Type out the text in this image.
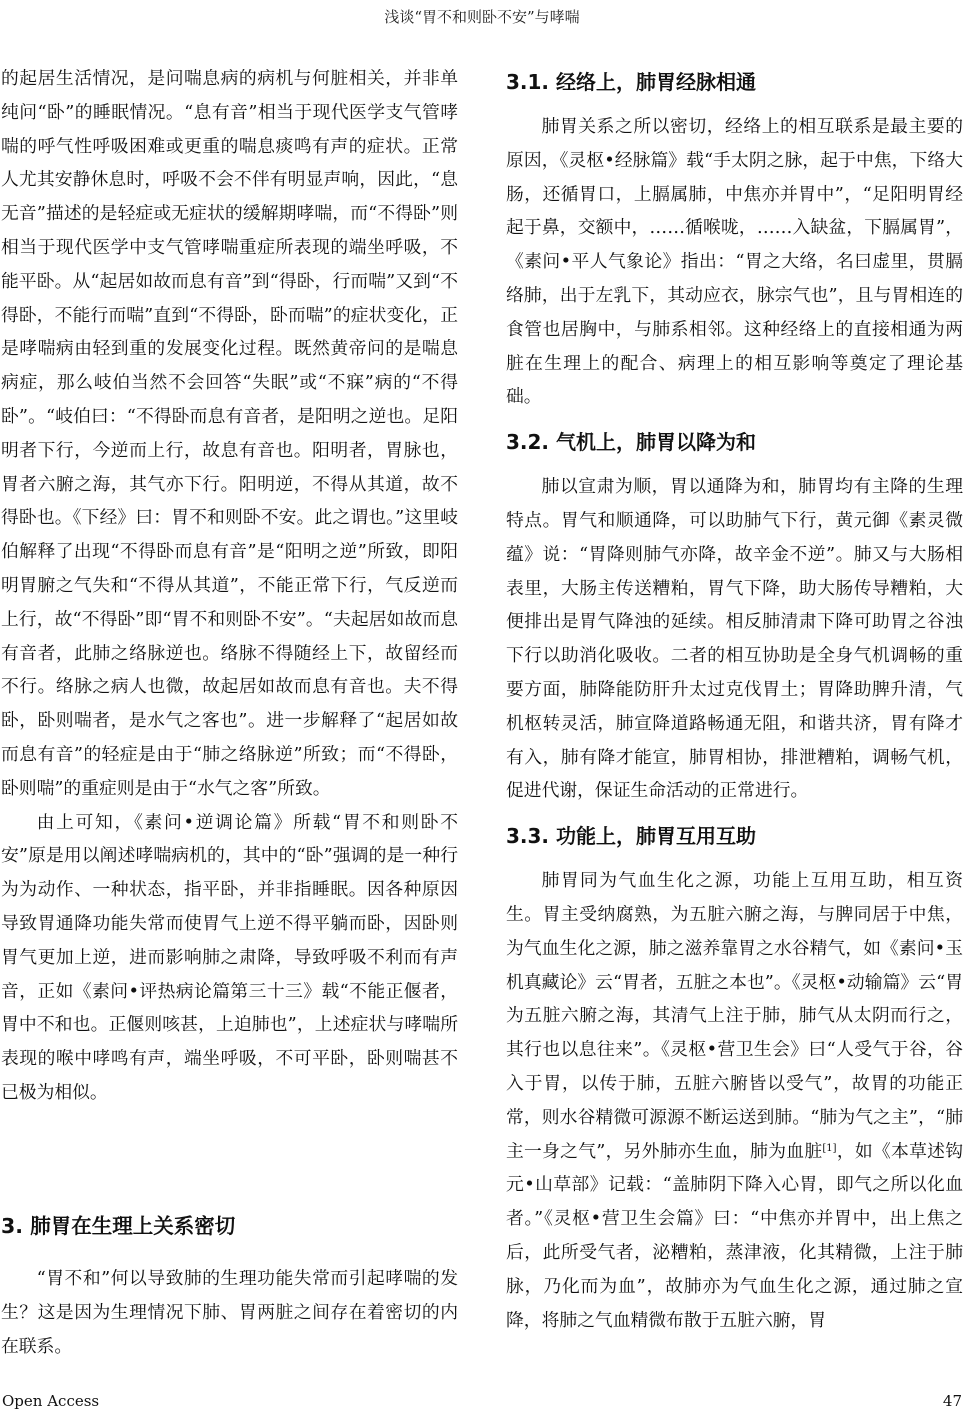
浅谈“胃不和则卧不安”与哮喘

的起居生活情况，是问喘息病的病机与何脏相关，并非单纯问“卧”的睡眠情况。“息有音”相当于现代医学支气管哮喘的呼气性呼吸困难或更重的喘息痰鸣有声的症状。正常人尤其安静休息时，呼吸不会不伴有明显声响，因此，“息无音”描述的是轻症或无症状的缓解期哮喘，而“不得卧”则相当于现代医学中支气管哮喘重症所表现的端坐呼吸，不能平卧。从“起居如故而息有音”到“得卧，行而喘”又到“不得卧，不能行而喘”直到“不得卧，卧而喘”的症状变化，正是哮喘病由轻到重的发展变化过程。既然黄帝问的是喘息病症，那么岐伯当然不会回答“失眠”或“不寐”病的“不得卧”。“岐伯曰：“不得卧而息有音者，是阳明之逆也。足阳明者下行，今逆而上行，故息有音也。阳明者，胃脉也，胃者六腑之海，其气亦下行。阳明逆，不得从其道，故不得卧也。《下经》曰：胃不和则卧不安。此之谓也。”这里岐伯解释了出现“不得卧而息有音”是“阳明之逆”所致，即阳明胃腑之气失和“不得从其道”，不能正常下行，气反逆而上行，故“不得卧”即“胃不和则卧不安”。“夫起居如故而息有音者，此肺之络脉逆也。络脉不得随经上下，故留经而不行。络脉之病人也微，故起居如故而息有音也。夫不得卧，卧则喘者，是水气之客也”。进一步解释了“起居如故而息有音”的轻症是由于“肺之络脉逆”所致；而“不得卧，卧则喘”的重症则是由于“水气之客”所致。

由上可知，《素问•逆调论篇》所载“胃不和则卧不安”原是用以阐述哮喘病机的，其中的“卧”强调的是一种行为为动作、一种状态，指平卧，并非指睡眠。因各种原因导致胃通降功能失常而使胃气上逆不得平躺而卧，因卧则胃气更加上逆，进而影响肺之肃降，导致呼吸不利而有声音，正如《素问•评热病论篇第三十三》载“不能正偃者，胃中不和也。正偃则咳甚，上迫肺也”，上述症状与哮喘所表现的喉中哮鸣有声，端坐呼吸，不可平卧，卧则喘甚不已极为相似。

3. 肺胃在生理上关系密切

“胃不和”何以导致肺的生理功能失常而引起哮喘的发生？这是因为生理情况下肺、胃两脏之间存在着密切的内在联系。

3.1. 经络上，肺胃经脉相通

肺胃关系之所以密切，经络上的相互联系是最主要的原因，《灵枢•经脉篇》载“手太阴之脉，起于中焦，下络大肠，还循胃口，上膈属肺，中焦亦并胃中”，“足阳明胃经起于鼻，交额中，……循喉咙，……入缺盆，下膈属胃”，《素问•平人气象论》指出：“胃之大络，名曰虚里，贯膈络肺，出于左乳下，其动应衣，脉宗气也”，且与胃相连的食管也居胸中，与肺系相邻。这种经络上的直接相通为两脏在生理上的配合、病理上的相互影响等奠定了理论基础。

3.2. 气机上，肺胃以降为和

肺以宣肃为顺，胃以通降为和，肺胃均有主降的生理特点。胃气和顺通降，可以助肺气下行，黄元御《素灵微蕴》说：“胃降则肺气亦降，故辛金不逆”。肺又与大肠相表里，大肠主传送糟粕，胃气下降，助大肠传导糟粕，大便排出是胃气降浊的延续。相反肺清肃下降可助胃之谷浊下行以助消化吸收。二者的相互协助是全身气机调畅的重要方面，肺降能防肝升太过克伐胃土；胃降助脾升清，气机枢转灵活，肺宣降道路畅通无阻，和谐共济，胃有降才有入，肺有降才能宣，肺胃相协，排泄糟粕，调畅气机，促进代谢，保证生命活动的正常进行。

3.3. 功能上，肺胃互用互助

肺胃同为气血生化之源，功能上互用互助，相互资生。胃主受纳腐熟，为五脏六腑之海，与脾同居于中焦，为气血生化之源，肺之滋养靠胃之水谷精气，如《素问•玉机真藏论》云“胃者，五脏之本也”。《灵枢•动输篇》云“胃为五脏六腑之海，其清气上注于肺，肺气从太阴而行之，其行也以息往来”。《灵枢•营卫生会》曰“人受气于谷，谷入于胃，以传于肺，五脏六腑皆以受气”，故胃的功能正常，则水谷精微可源源不断运送到肺。“肺为气之主”，“肺主一身之气”，另外肺亦生血，肺为血脏[1]，如《本草述钩元•山草部》记载：“盖肺阴下降入心胃，即气之所以化血者。”《灵枢•营卫生会篇》曰：“中焦亦并胃中，出上焦之后，此所受气者，泌糟粕，蒸津液，化其精微，上注于肺脉，乃化而为血”，故肺亦为气血生化之源，通过肺之宣降，将肺之气血精微布散于五脏六腑，胃

Open Access	47
